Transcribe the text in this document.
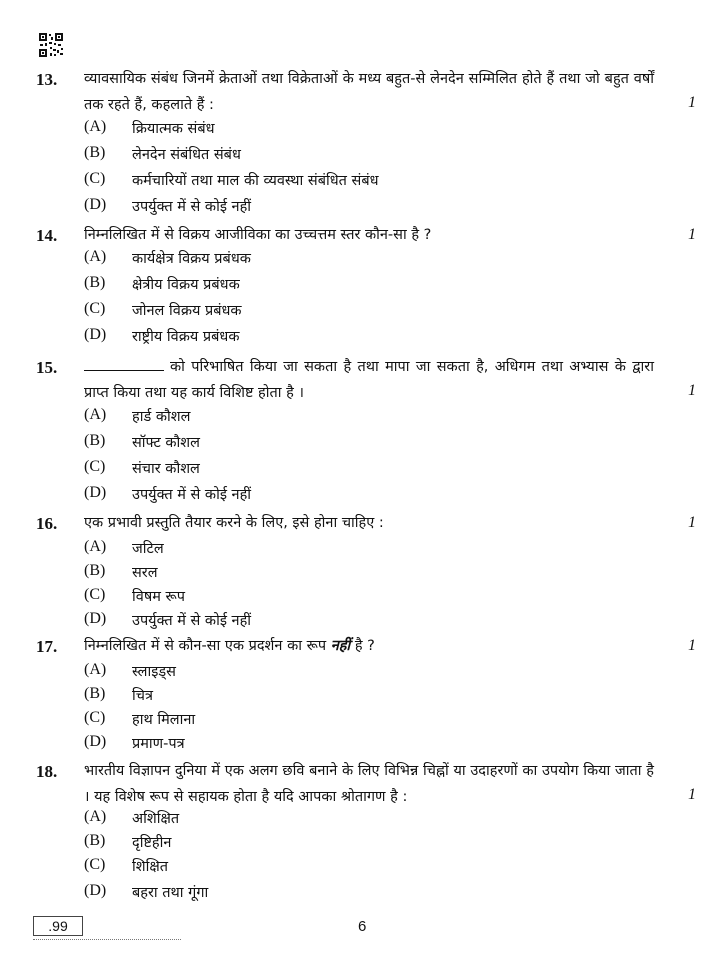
13. व्यावसायिक संबंध जिनमें क्रेताओं तथा विक्रेताओं के मध्य बहुत-से लेनदेन सम्मिलित होते हैं तथा जो बहुत वर्षों तक रहते हैं, कहलाते हैं :	1
(A) क्रियात्मक संबंध
(B) लेनदेन संबंधित संबंध
(C) कर्मचारियों तथा माल की व्यवस्था संबंधित संबंध
(D) उपर्युक्त में से कोई नहीं
14. निम्नलिखित में से विक्रय आजीविका का उच्चत्तम स्तर कौन-सा है ?	1
(A) कार्यक्षेत्र विक्रय प्रबंधक
(B) क्षेत्रीय विक्रय प्रबंधक
(C) जोनल विक्रय प्रबंधक
(D) राष्ट्रीय विक्रय प्रबंधक
15.	को परिभाषित किया जा सकता है तथा मापा जा सकता है, अधिगम तथा अभ्यास के द्वारा प्राप्त किया तथा यह कार्य विशिष्ट होता है ।	1
(A) हार्ड कौशल
(B) सॉफ्ट कौशल
(C) संचार कौशल
(D) उपर्युक्त में से कोई नहीं
16. एक प्रभावी प्रस्तुति तैयार करने के लिए, इसे होना चाहिए :	1
(A) जटिल
(B) सरल
(C) विषम रूप
(D) उपर्युक्त में से कोई नहीं
17. निम्नलिखित में से कौन-सा एक प्रदर्शन का रूप नहीं है ?	1
(A) स्लाइड्स
(B) चित्र
(C) हाथ मिलाना
(D) प्रमाण-पत्र
18. भारतीय विज्ञापन दुनिया में एक अलग छवि बनाने के लिए विभिन्न चिह्नों या उदाहरणों का उपयोग किया जाता है । यह विशेष रूप से सहायक होता है यदि आपका श्रोतागण है :	1
(A) अशिक्षित
(B) दृष्टिहीन
(C) शिक्षित
(D) बहरा तथा गूंगा
.99	6
